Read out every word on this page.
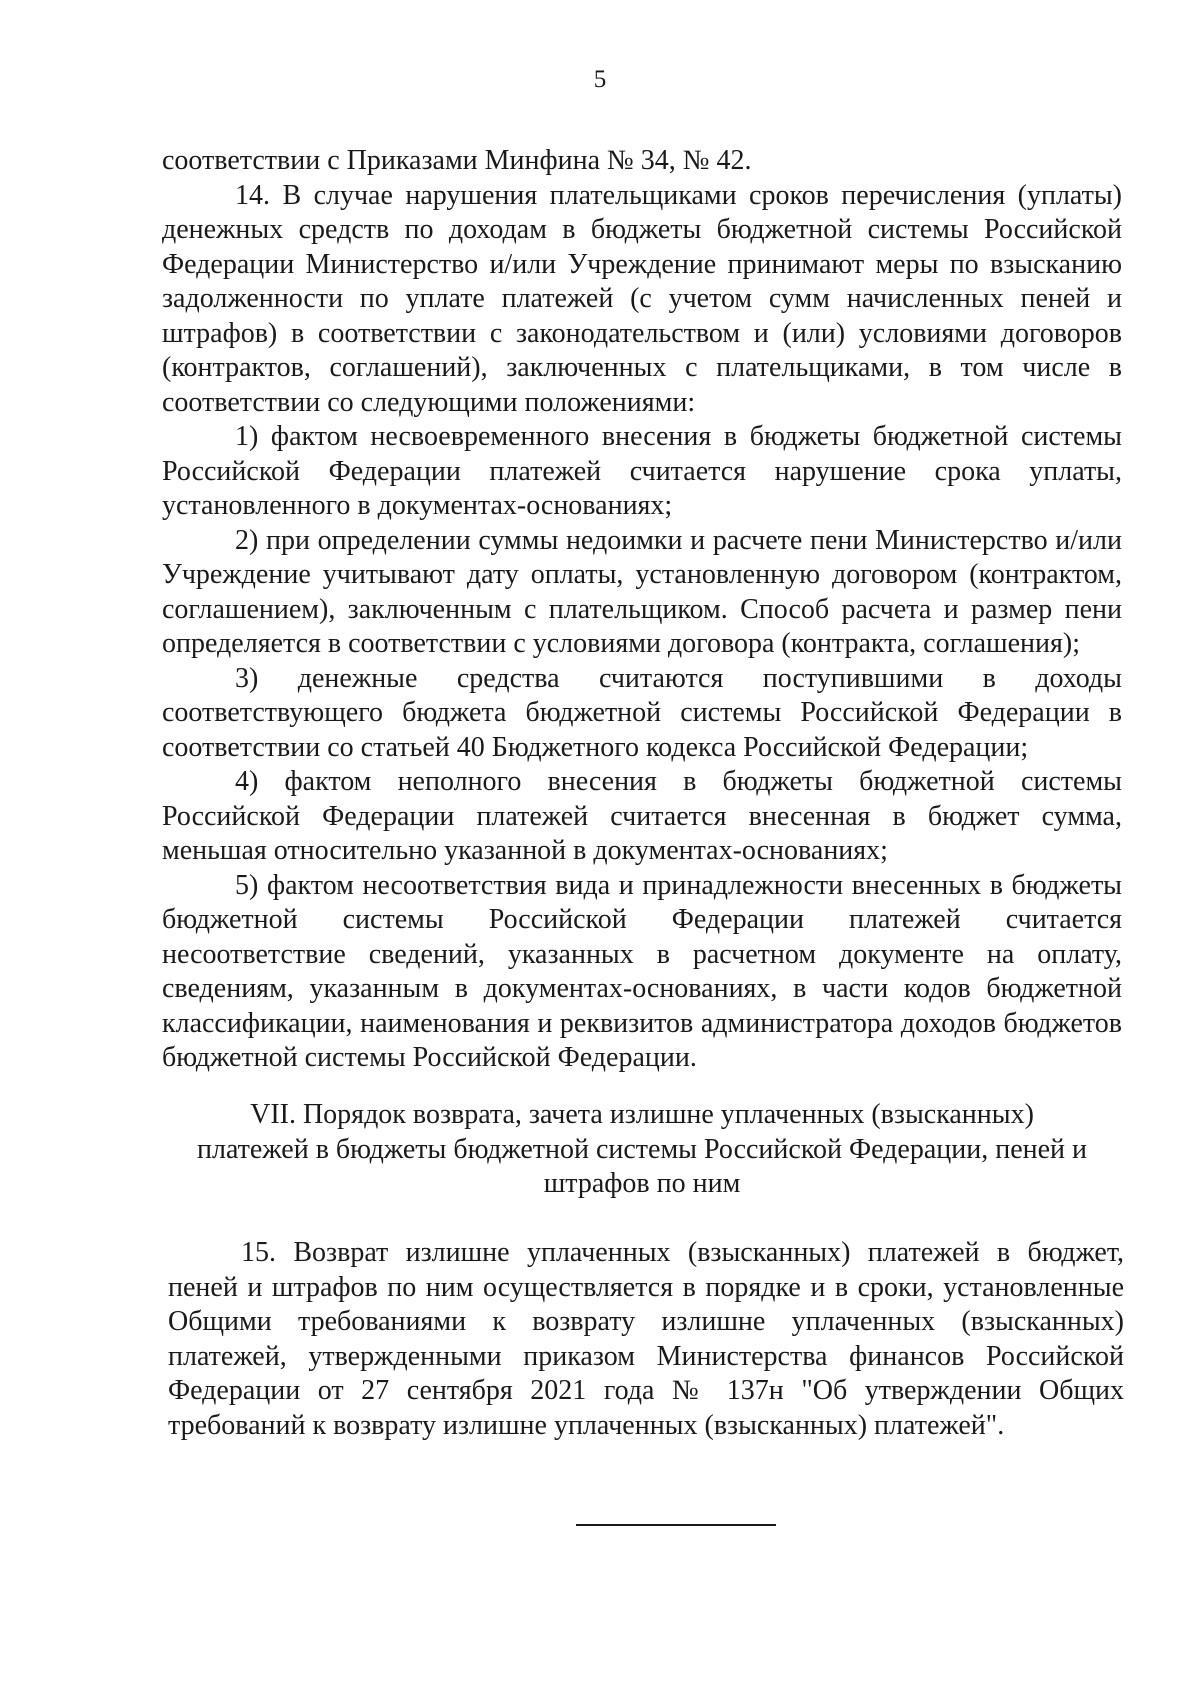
5

соответствии с Приказами Минфина № 34, № 42.

14. В случае нарушения плательщиками сроков перечисления (уплаты) денежных средств по доходам в бюджеты бюджетной системы Российской Федерации Министерство и/или Учреждение принимают меры по взысканию задолженности по уплате платежей (с учетом сумм начисленных пеней и штрафов) в соответствии с законодательством и (или) условиями договоров (контрактов, соглашений), заключенных с плательщиками, в том числе в соответствии со следующими положениями:

1) фактом несвоевременного внесения в бюджеты бюджетной системы Российской Федерации платежей считается нарушение срока уплаты, установленного в документах-основаниях;

2) при определении суммы недоимки и расчете пени Министерство и/или Учреждение учитывают дату оплаты, установленную договором (контрактом, соглашением), заключенным с плательщиком. Способ расчета и размер пени определяется в соответствии с условиями договора (контракта, соглашения);

3) денежные средства считаются поступившими в доходы соответствующего бюджета бюджетной системы Российской Федерации в соответствии со статьей 40 Бюджетного кодекса Российской Федерации;

4) фактом неполного внесения в бюджеты бюджетной системы Российской Федерации платежей считается внесенная в бюджет сумма, меньшая относительно указанной в документах-основаниях;

5) фактом несоответствия вида и принадлежности внесенных в бюджеты бюджетной системы Российской Федерации платежей считается несоответствие сведений, указанных в расчетном документе на оплату, сведениям, указанным в документах-основаниях, в части кодов бюджетной классификации, наименования и реквизитов администратора доходов бюджетов бюджетной системы Российской Федерации.

VII. Порядок возврата, зачета излишне уплаченных (взысканных)
платежей в бюджеты бюджетной системы Российской Федерации, пеней и
штрафов по ним

15. Возврат излишне уплаченных (взысканных) платежей в бюджет, пеней и штрафов по ним осуществляется в порядке и в сроки, установленные Общими требованиями к возврату излишне уплаченных (взысканных) платежей, утвержденными приказом Министерства финансов Российской Федерации от 27 сентября 2021 года № 137н "Об утверждении Общих требований к возврату излишне уплаченных (взысканных) платежей".
